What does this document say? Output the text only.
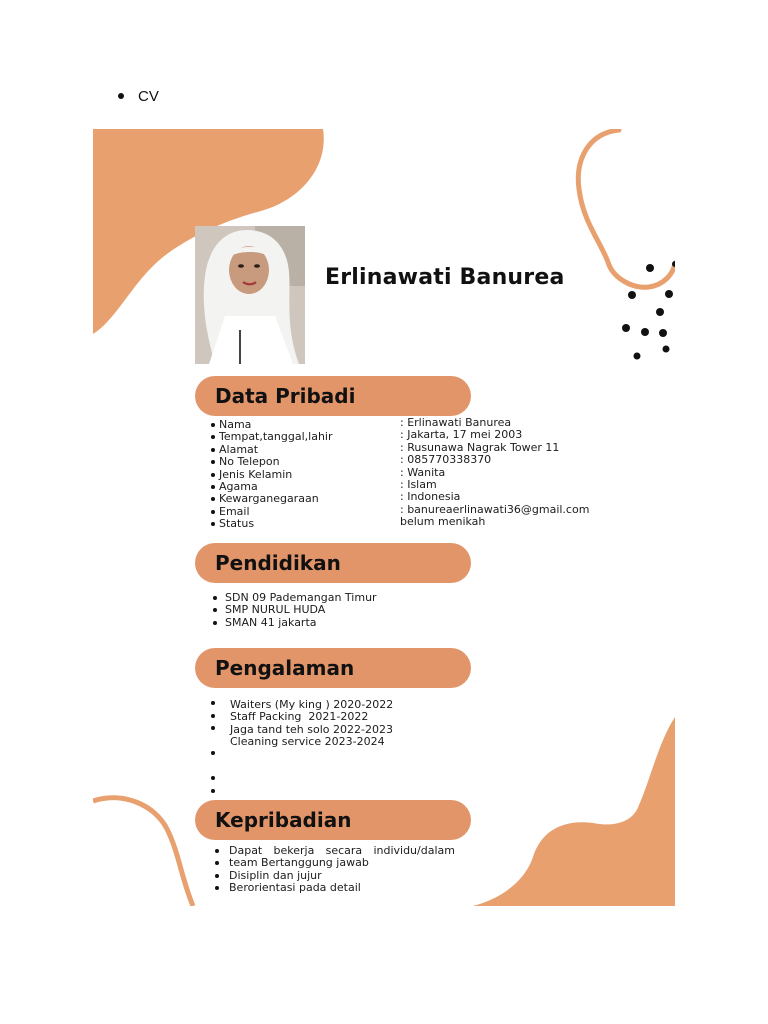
CV
Erlinawati Banurea
Data Pribadi
Nama
Tempat,tanggal,lahir
Alamat
No Telepon
Jenis Kelamin
Agama
Kewarganegaraan
Email
Status
: Erlinawati Banurea
: Jakarta, 17 mei 2003
: Rusunawa Nagrak Tower 11
: 085770338370
: Wanita
: Islam
: Indonesia
: banureaerlinawati36@gmail.com
belum menikah
Pendidikan
SDN 09 Pademangan Timur
SMP NURUL HUDA
SMAN 41 jakarta
Pengalaman
Waiters (My king ) 2020-2022
Staff Packing  2021-2022
Jaga tand teh solo 2022-2023
Cleaning service 2023-2024
Kepribadian
Dapat bekerja secara individu/dalam
team Bertanggung jawab
Disiplin dan jujur
Berorientasi pada detail
